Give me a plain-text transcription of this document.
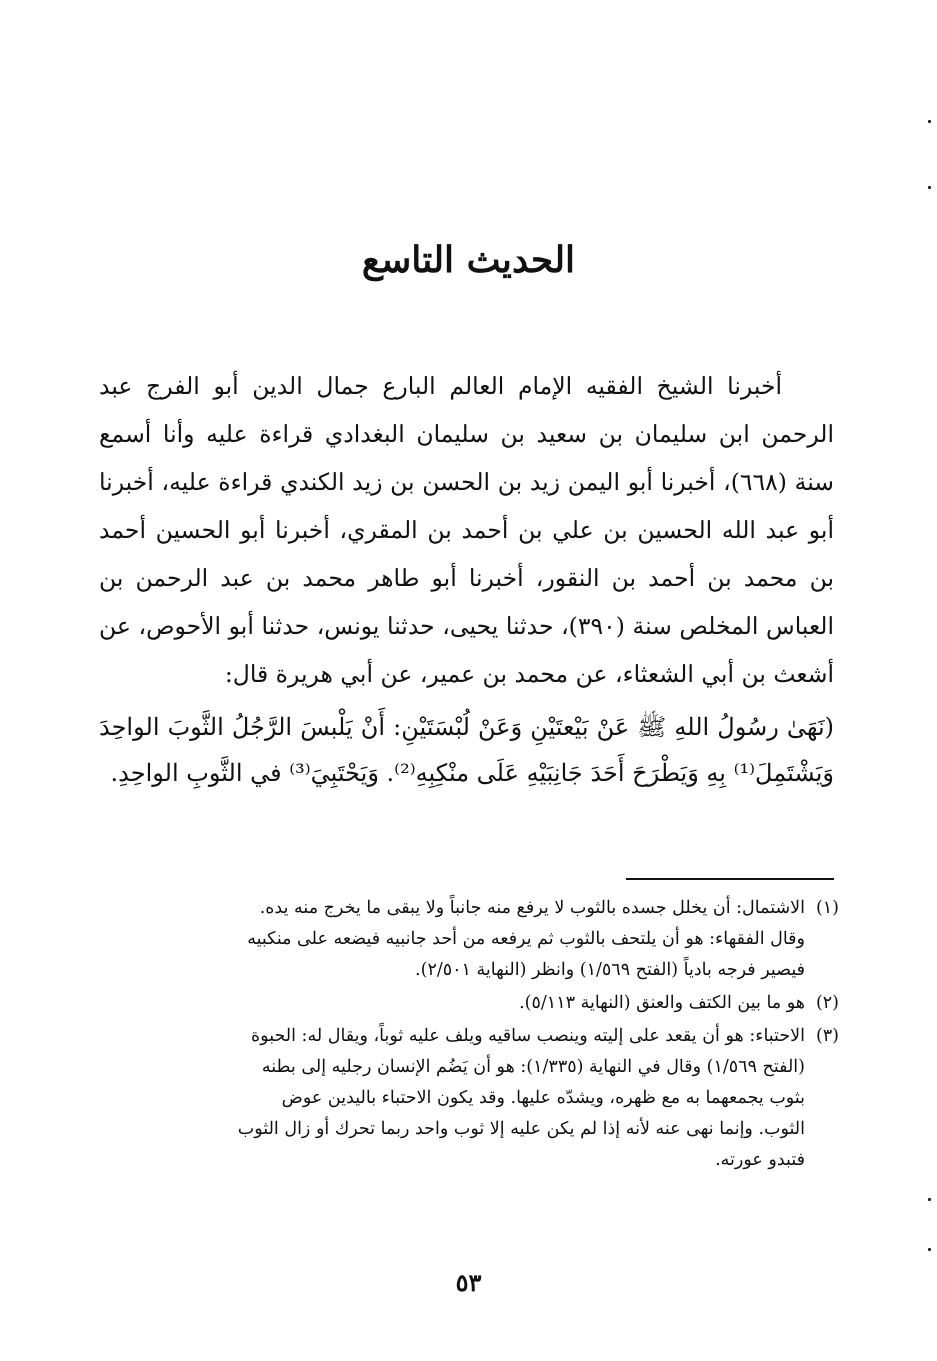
الحديث التاسع

أخبرنا الشيخ الفقيه الإمام العالم البارع جمال الدين أبو الفرج عبد الرحمن ابن سليمان بن سعيد بن سليمان البغدادي قراءة عليه وأنا أسمع سنة (٦٦٨)، أخبرنا أبو اليمن زيد بن الحسن بن زيد الكندي قراءة عليه، أخبرنا أبو عبد الله الحسين بن علي بن أحمد بن المقري، أخبرنا أبو الحسين أحمد بن محمد بن أحمد بن النقور، أخبرنا أبو طاهر محمد بن عبد الرحمن بن العباس المخلص سنة (٣٩٠)، حدثنا يحيى، حدثنا يونس، حدثنا أبو الأحوص، عن أشعث بن أبي الشعثاء، عن محمد بن عمير، عن أبي هريرة قال:

(نَهَىٰ رسُولُ اللهِ ﷺ عَنْ بَيْعتَيْنِ وَعَنْ لُبْسَتَيْنِ: أَنْ يَلْبسَ الرَّجُلُ الثَّوبَ الواحِدَ وَيَشْتَمِلَ⁽¹⁾ بِهِ وَيَطْرَحَ أَحَدَ جَانِبَيْهِ عَلَى منْكِبِهِ⁽²⁾. وَيَحْتَبِيَ⁽³⁾ في الثَّوبِ الواحِدِ.

(١)
الاشتمال: أن يخلل جسده بالثوب لا يرفع منه جانباً ولا يبقى ما يخرج منه يده.
وقال الفقهاء: هو أن يلتحف بالثوب ثم يرفعه من أحد جانبيه فيضعه على منكبيه
فيصير فرجه بادياً (الفتح ١/٥٦٩) وانظر (النهاية ٢/٥٠١).
(٢)
هو ما بين الكتف والعنق (النهاية ٥/١١٣).
(٣)
الاحتباء: هو أن يقعد على إليته وينصب ساقيه ويلف عليه ثوباً، ويقال له: الحبوة
(الفتح ١/٥٦٩) وقال في النهاية (١/٣٣٥): هو أن يَضُم الإنسان رجليه إلى بطنه
بثوب يجمعهما به مع ظهره، ويشدّه عليها. وقد يكون الاحتباء باليدين عوض
الثوب. وإنما نهى عنه لأنه إذا لم يكن عليه إلا ثوب واحد ربما تحرك أو زال الثوب
فتبدو عورته.
٥٣
